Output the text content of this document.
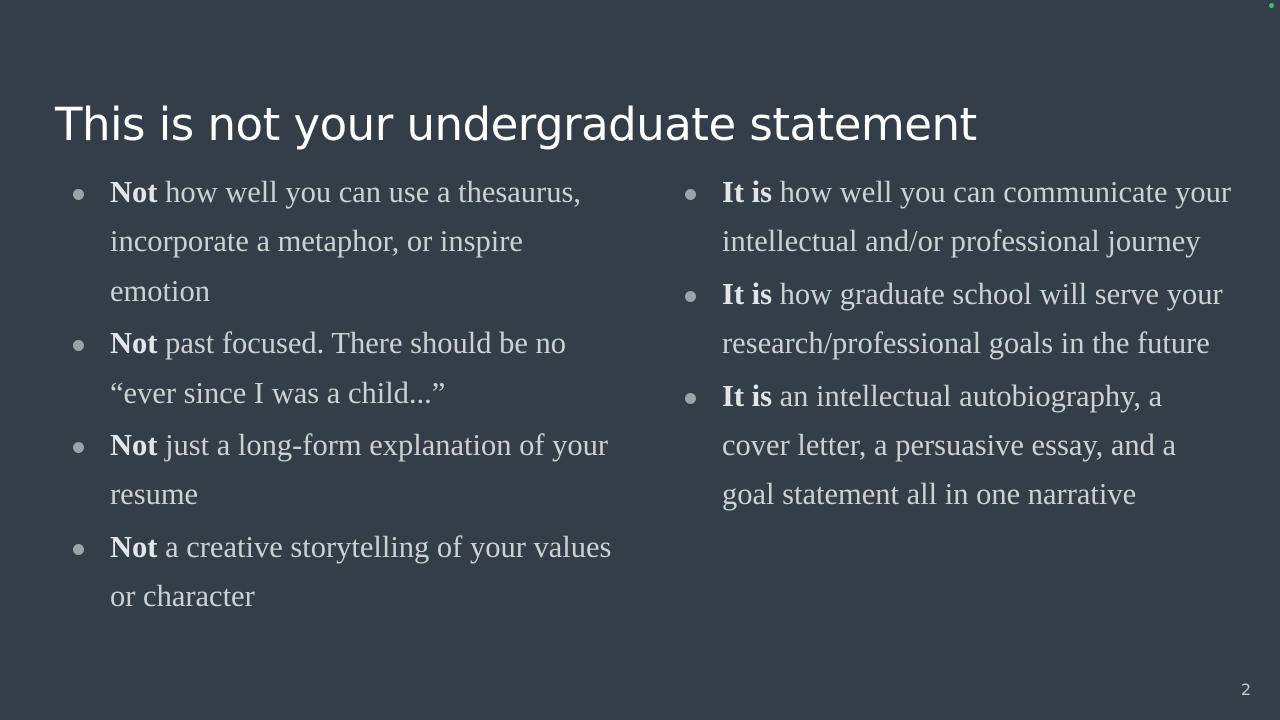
This is not your undergraduate statement
Not how well you can use a thesaurus, incorporate a metaphor, or inspire emotion
Not past focused. There should be no “ever since I was a child...”
Not just a long-form explanation of your resume
Not a creative storytelling of your values or character
It is how well you can communicate your intellectual and/or professional journey
It is how graduate school will serve your research/professional goals in the future
It is an intellectual autobiography, a cover letter, a persuasive essay, and a goal statement all in one narrative
2
